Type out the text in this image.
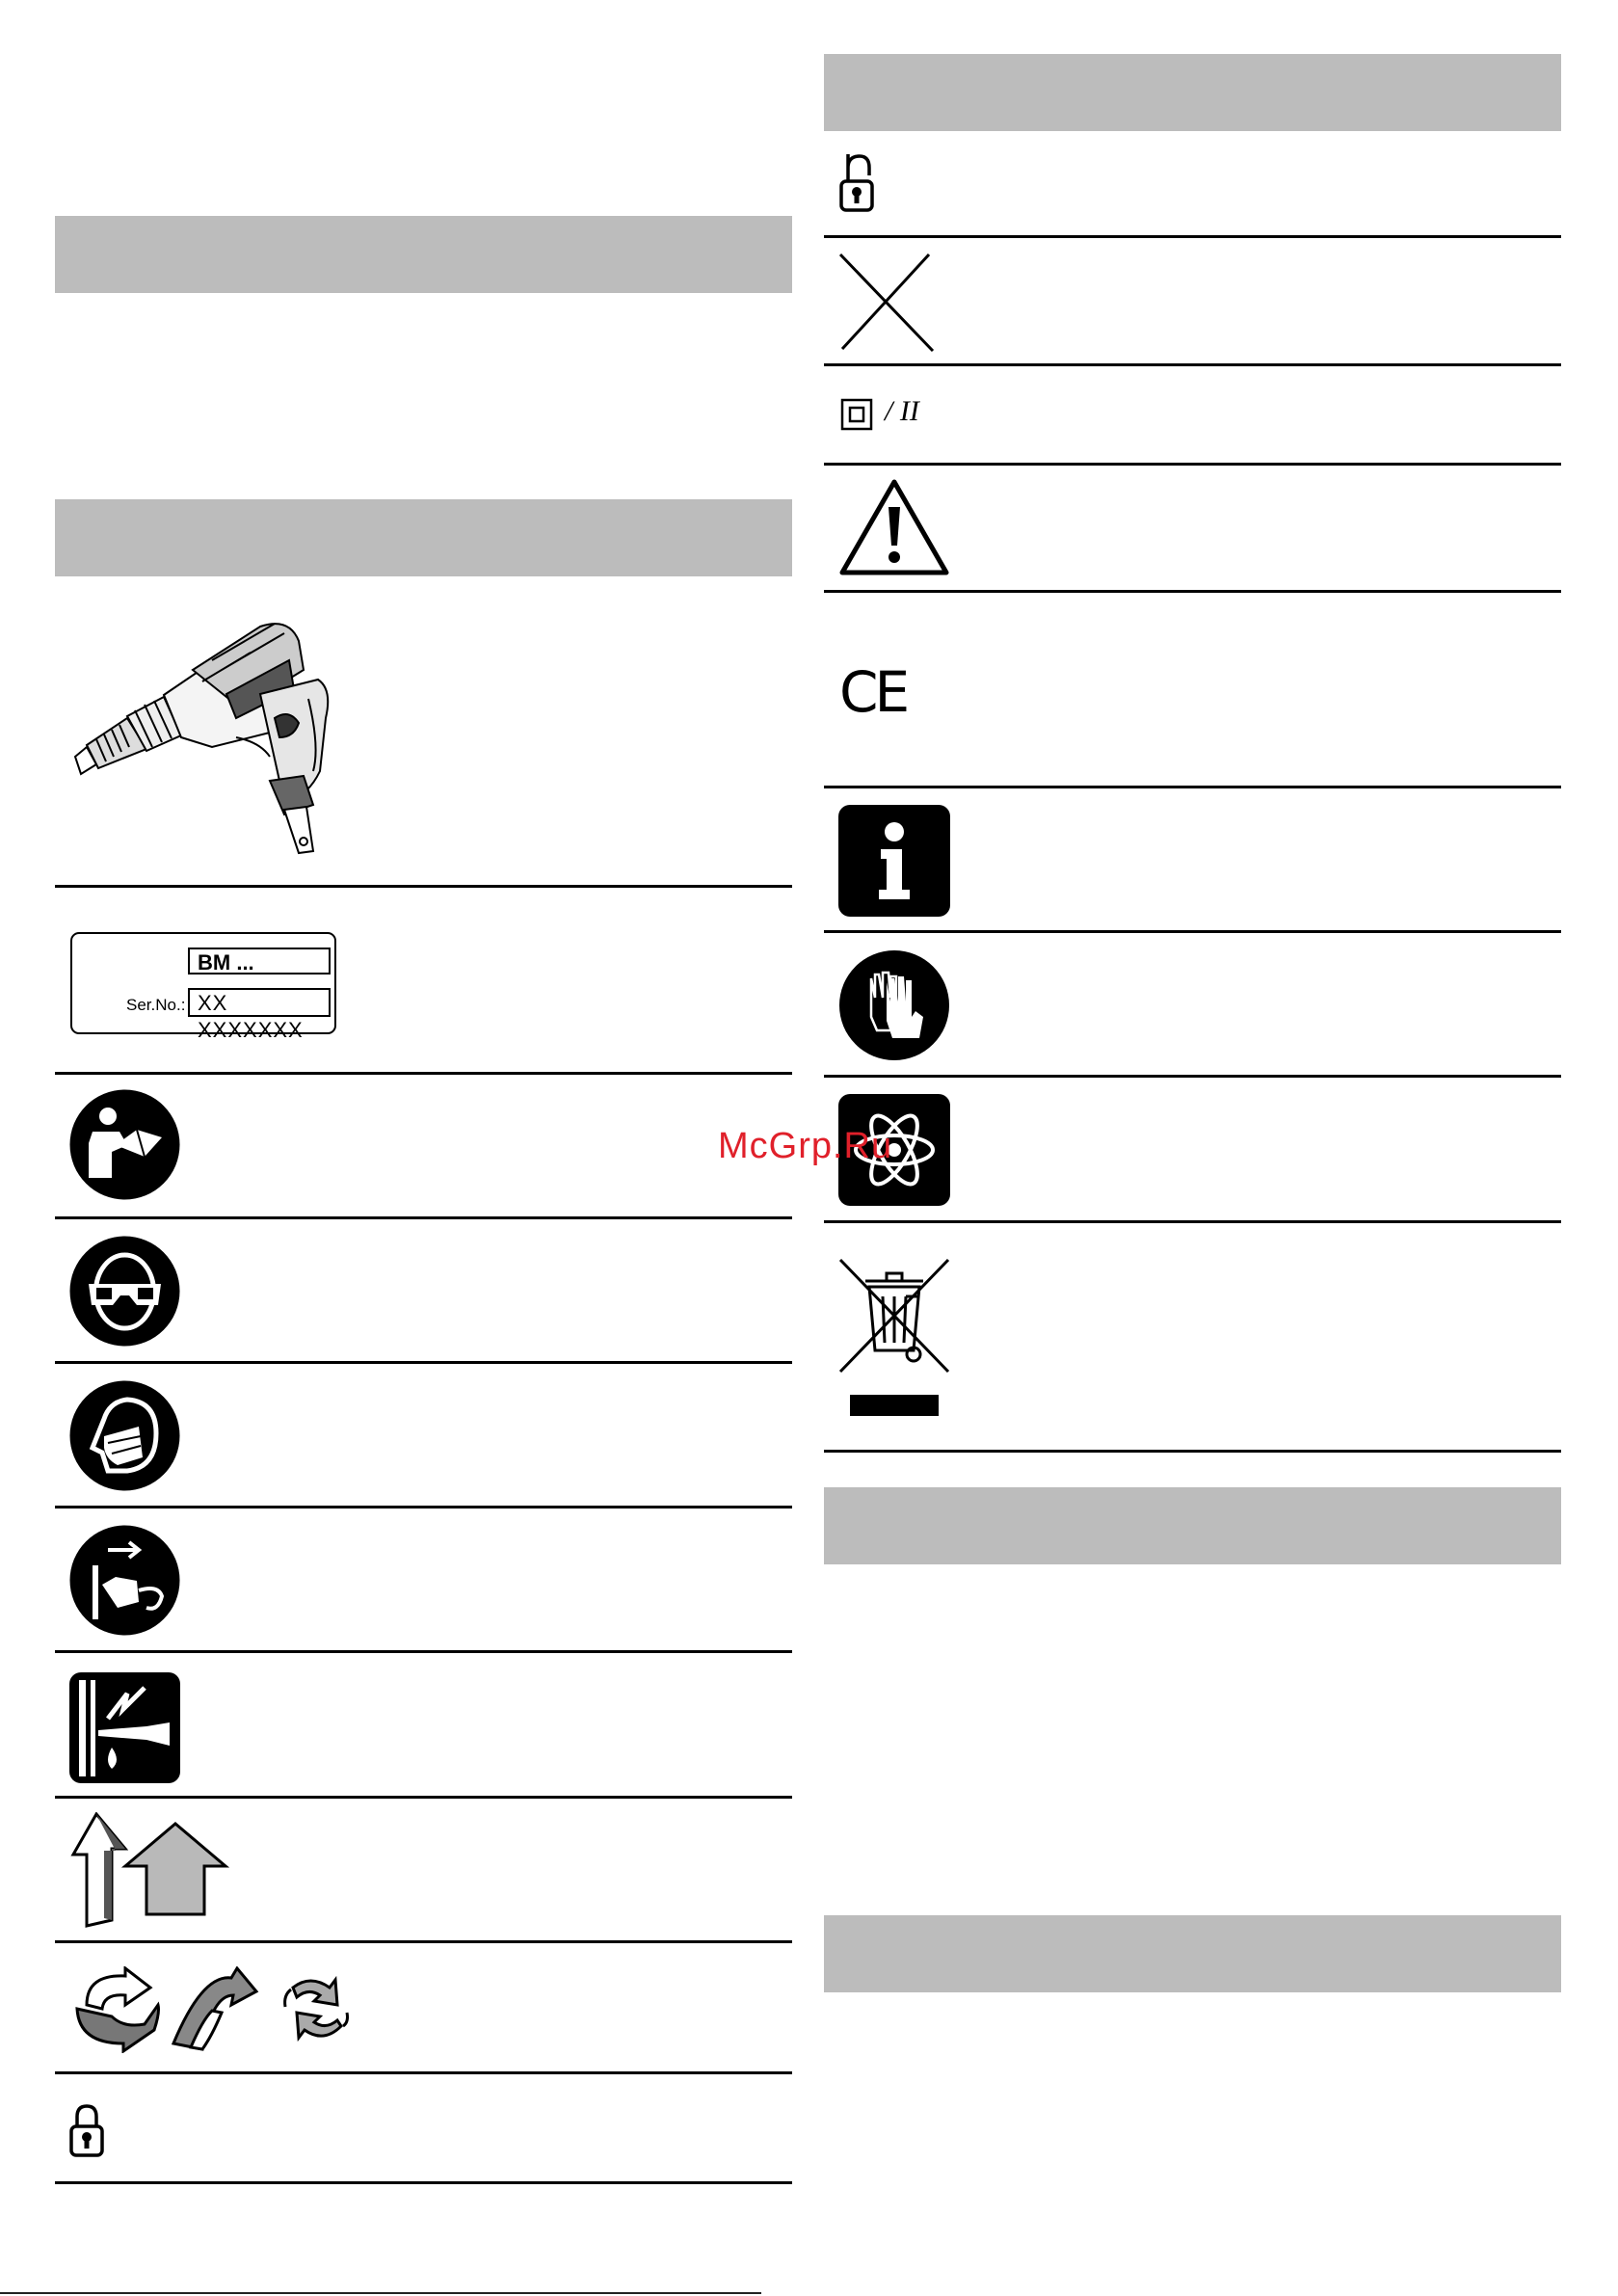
BM ...
Ser.No.: XX XXXXXXX
/ II
CE
McGrp.Ru
